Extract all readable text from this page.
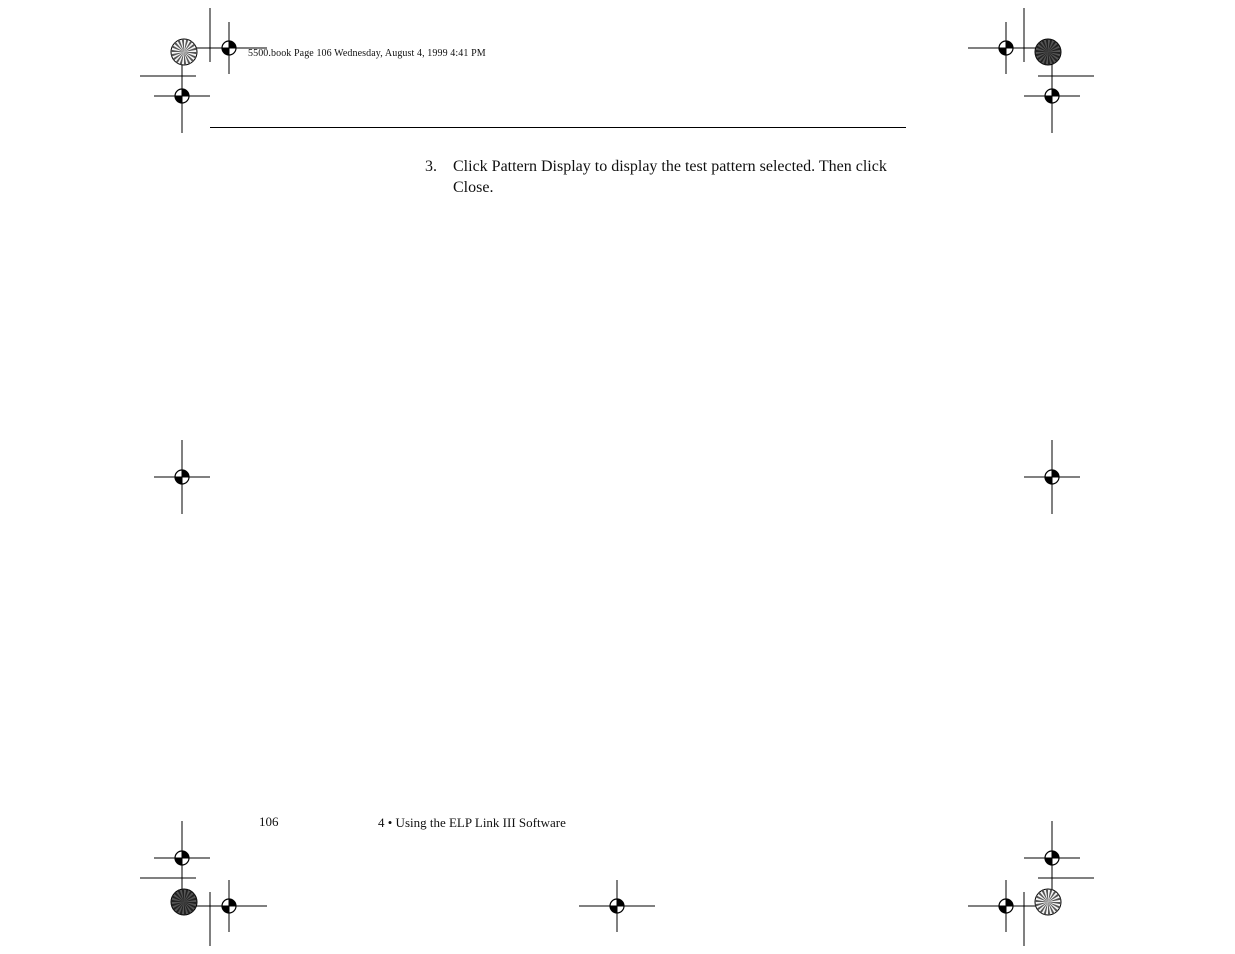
5500.book Page 106 Wednesday, August 4, 1999 4:41 PM
3. Click Pattern Display to display the test pattern selected. Then click Close.
106	4 • Using the ELP Link III Software
